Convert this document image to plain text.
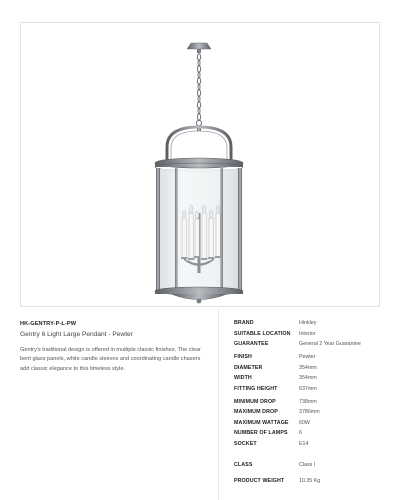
HK-GENTRY-P-L-PW

Gentry 6 Light Large Pendant - Pewter

Gentry's traditional design is offered in multiple classic finishes. The clear bent glass panels, white candle sleeves and coordinating candle chasers add classic elegance to this timeless style.

BRAND	Hinkley
SUITABLE LOCATION Interior
GUARANTEE	General 2 Year Guarantee
FINISH	Pewter
DIAMETER	354mm
WIDTH	354mm
FITTING HEIGHT	637mm
MINIMUM DROP	738mm
MAXIMUM DROP	3786mm
MAXIMUM WATTAGE 60W
NUMBER OF LAMPS 6
SOCKET	E14
CLASS	Class I
PRODUCT WEIGHT	10.35 Kg
